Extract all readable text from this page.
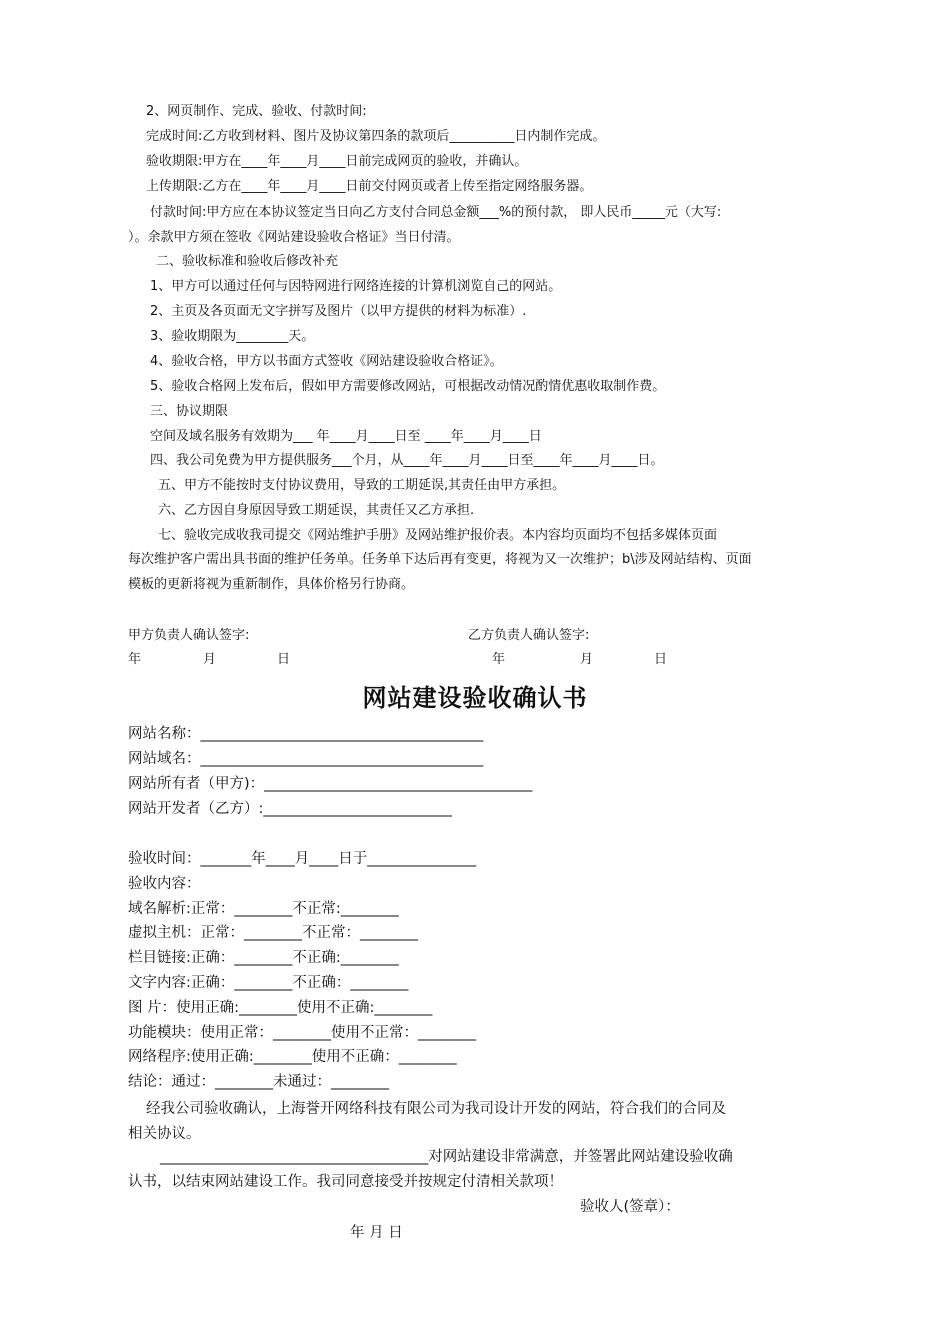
2、网页制作、完成、验收、付款时间:
完成时间:乙方收到材料、图片及协议第四条的款项后__________日内制作完成。
验收期限:甲方在____年____月____日前完成网页的验收，并确认。
上传期限:乙方在____年____月____日前交付网页或者上传至指定网络服务器。
付款时间:甲方应在本协议签定当日向乙方支付合同总金额___%的预付款， 即人民币_____元（大写:
）。余款甲方须在签收《网站建设验收合格证》当日付清。
二、验收标准和验收后修改补充
1、甲方可以通过任何与因特网进行网络连接的计算机浏览自己的网站。
2、主页及各页面无文字拼写及图片（以甲方提供的材料为标准）.
3、验收期限为________天。
4、验收合格，甲方以书面方式签收《网站建设验收合格证》。
5、验收合格网上发布后，假如甲方需要修改网站，可根据改动情况酌情优惠收取制作费。
三、协议期限
空间及域名服务有效期为___ 年____月____日至 ____年____月____日
四、我公司免费为甲方提供服务___个月，从____年____月____日至____年____月____日。
五、甲方不能按时支付协议费用，导致的工期延误,其责任由甲方承担。
六、乙方因自身原因导致工期延误，其责任又乙方承担.
七、验收完成收我司提交《网站维护手册》及网站维护报价表。本内容均页面均不包括多媒体页面
每次维护客户需出具书面的维护任务单。任务单下达后再有变更，将视为又一次维护；b\涉及网站结构、页面
模板的更新将视为重新制作，具体价格另行协商。
甲方负责人确认签字:	乙方负责人确认签字:
年	月	日	年	月	日
网站建设验收确认书
网站名称：_______________________________________
网站域名：_______________________________________
网站所有者（甲方)：_____________________________________
网站开发者（乙方）:__________________________
验收时间：_______年____月____日于_______________
验收内容：
域名解析:正常：________不正常:________
虚拟主机：正常：________不正常：________
栏目链接:正确：________不正确:________
文字内容:正确：________不正确：________
图 片：使用正确:________使用不正确:________
功能模块：使用正常：________使用不正常：________
网络程序:使用正确:________使用不正确：________
结论：通过：________未通过：________
经我公司验收确认，上海誉开网络科技有限公司为我司设计开发的网站，符合我们的合同及
相关协议。
_____________________________________对网站建设非常满意，并签署此网站建设验收确
认书，以结束网站建设工作。我司同意接受并按规定付清相关款项！
验收人(签章）：
年 月 日
